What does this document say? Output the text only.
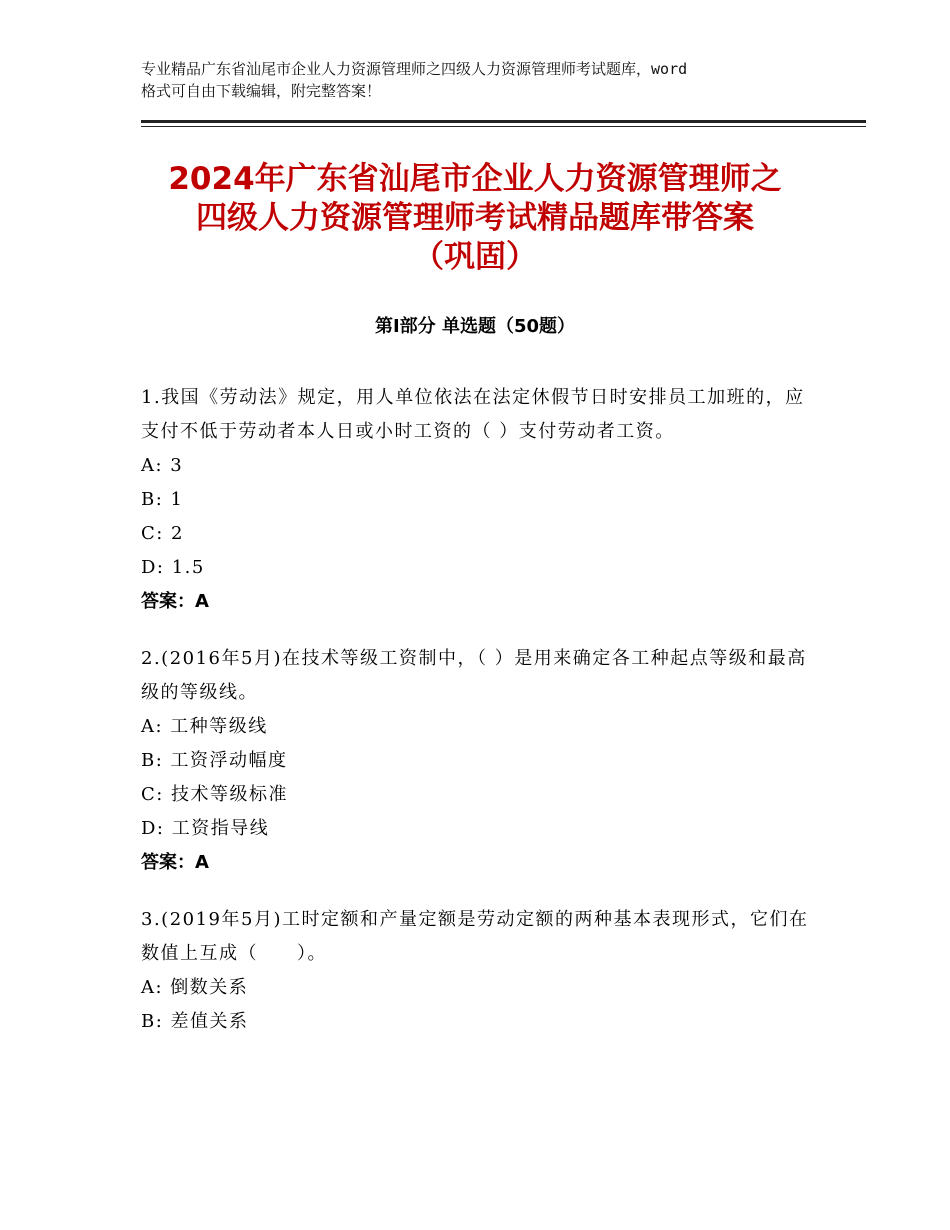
专业精品广东省汕尾市企业人力资源管理师之四级人力资源管理师考试题库，word
格式可自由下载编辑，附完整答案！
2024年广东省汕尾市企业人力资源管理师之
四级人力资源管理师考试精品题库带答案
（巩固）
第Ⅰ部分 单选题（50题）
1.我国《劳动法》规定，用人单位依法在法定休假节日时安排员工加班的，应支付不低于劳动者本人日或小时工资的（ ）支付劳动者工资。
A: 3
B: 1
C: 2
D: 1.5
答案：A
2.(2016年5月)在技术等级工资制中，（ ）是用来确定各工种起点等级和最高级的等级线。
A: 工种等级线
B: 工资浮动幅度
C: 技术等级标准
D: 工资指导线
答案：A
3.(2019年5月)工时定额和产量定额是劳动定额的两种基本表现形式，它们在数值上互成（　　）。
A: 倒数关系
B: 差值关系
